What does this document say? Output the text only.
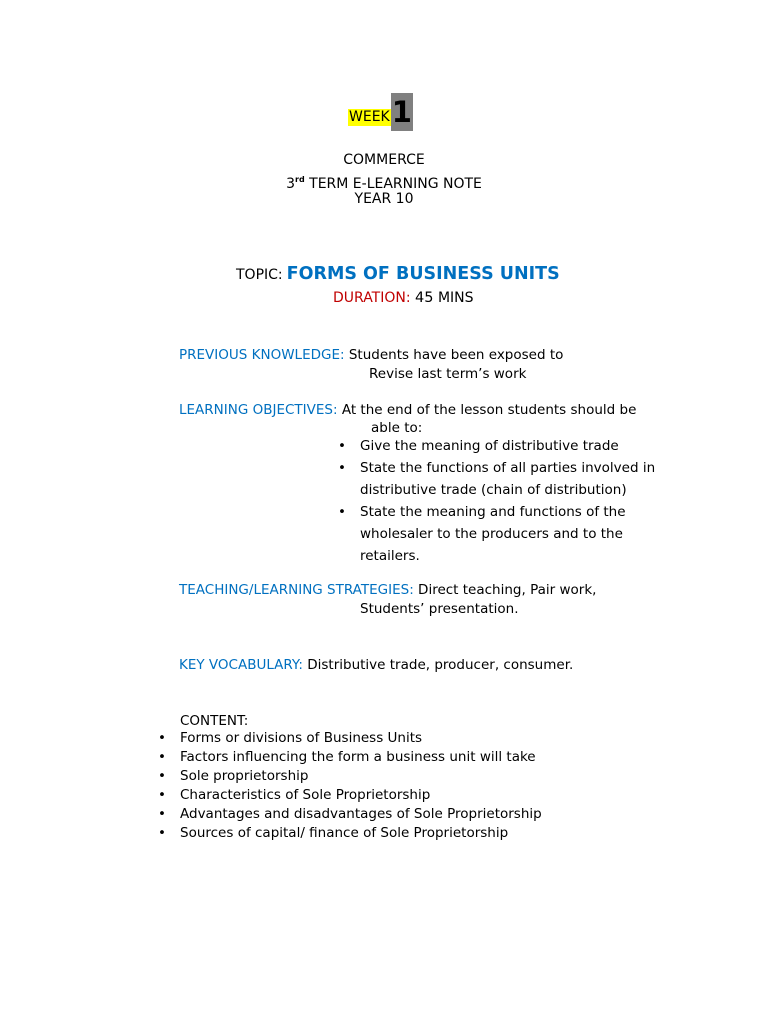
WEEK 1
COMMERCE
3rd TERM E-LEARNING NOTE
YEAR 10
TOPIC: FORMS OF BUSINESS UNITS
DURATION: 45 MINS
PREVIOUS KNOWLEDGE: Students have been exposed to
Revise last term’s work
LEARNING OBJECTIVES: At the end of the lesson students should be
able to:
• Give the meaning of distributive trade
• State the functions of all parties involved in distributive trade (chain of distribution)
• State the meaning and functions of the wholesaler to the producers and to the retailers.
TEACHING/LEARNING STRATEGIES: Direct teaching, Pair work,
Students’ presentation.
KEY VOCABULARY: Distributive trade, producer, consumer.
CONTENT:
• Forms or divisions of Business Units
• Factors influencing the form a business unit will take
• Sole proprietorship
• Characteristics of Sole Proprietorship
• Advantages and disadvantages of Sole Proprietorship
• Sources of capital/ finance of Sole Proprietorship
